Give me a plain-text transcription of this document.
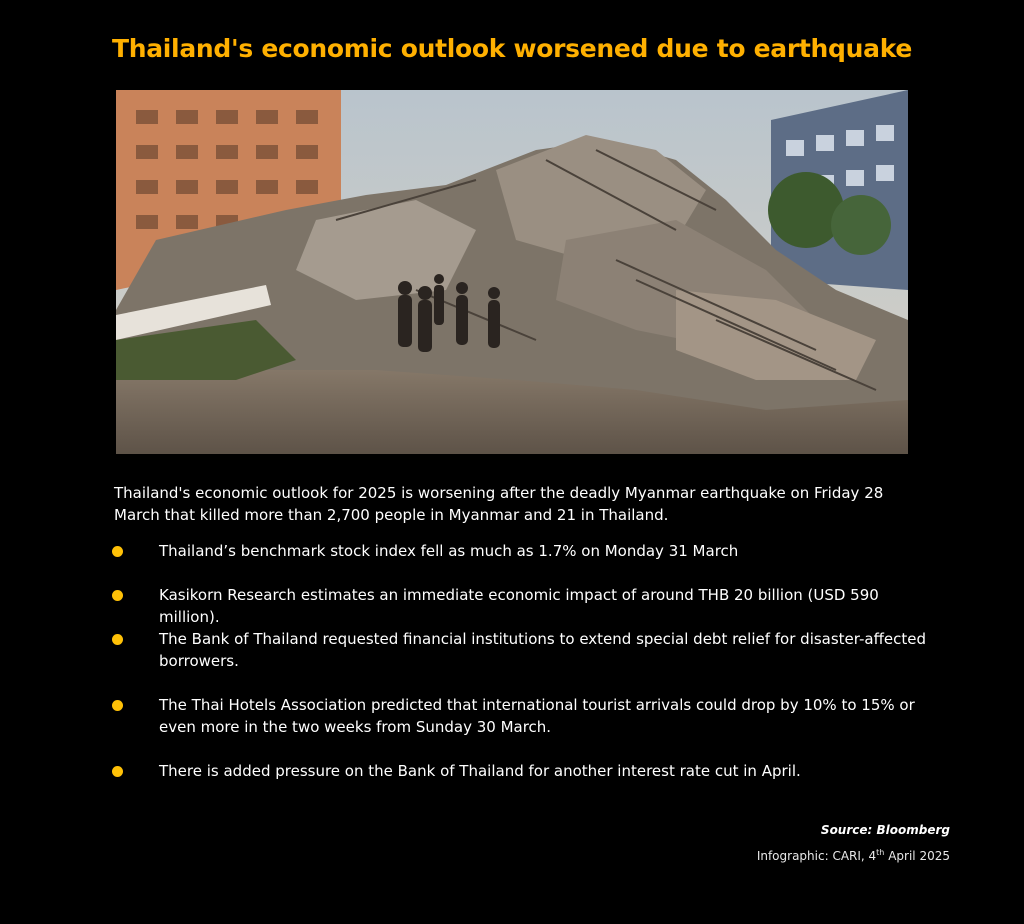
Thailand's economic outlook worsened due to earthquake

Thailand's economic outlook for 2025 is worsening after the deadly Myanmar earthquake on Friday 28 March that killed more than 2,700 people in Myanmar and 21 in Thailand.

Thailand’s benchmark stock index fell as much as 1.7% on Monday 31 March
Kasikorn Research estimates an immediate economic impact of around THB 20 billion (USD 590 million).
The Bank of Thailand requested financial institutions to extend special debt relief for disaster-affected borrowers.
The Thai Hotels Association predicted that international tourist arrivals could drop by 10% to 15% or even more in the two weeks from Sunday 30 March.
There is added pressure on the Bank of Thailand for another interest rate cut in April.
Source: Bloomberg
Infographic: CARI, 4th April 2025
